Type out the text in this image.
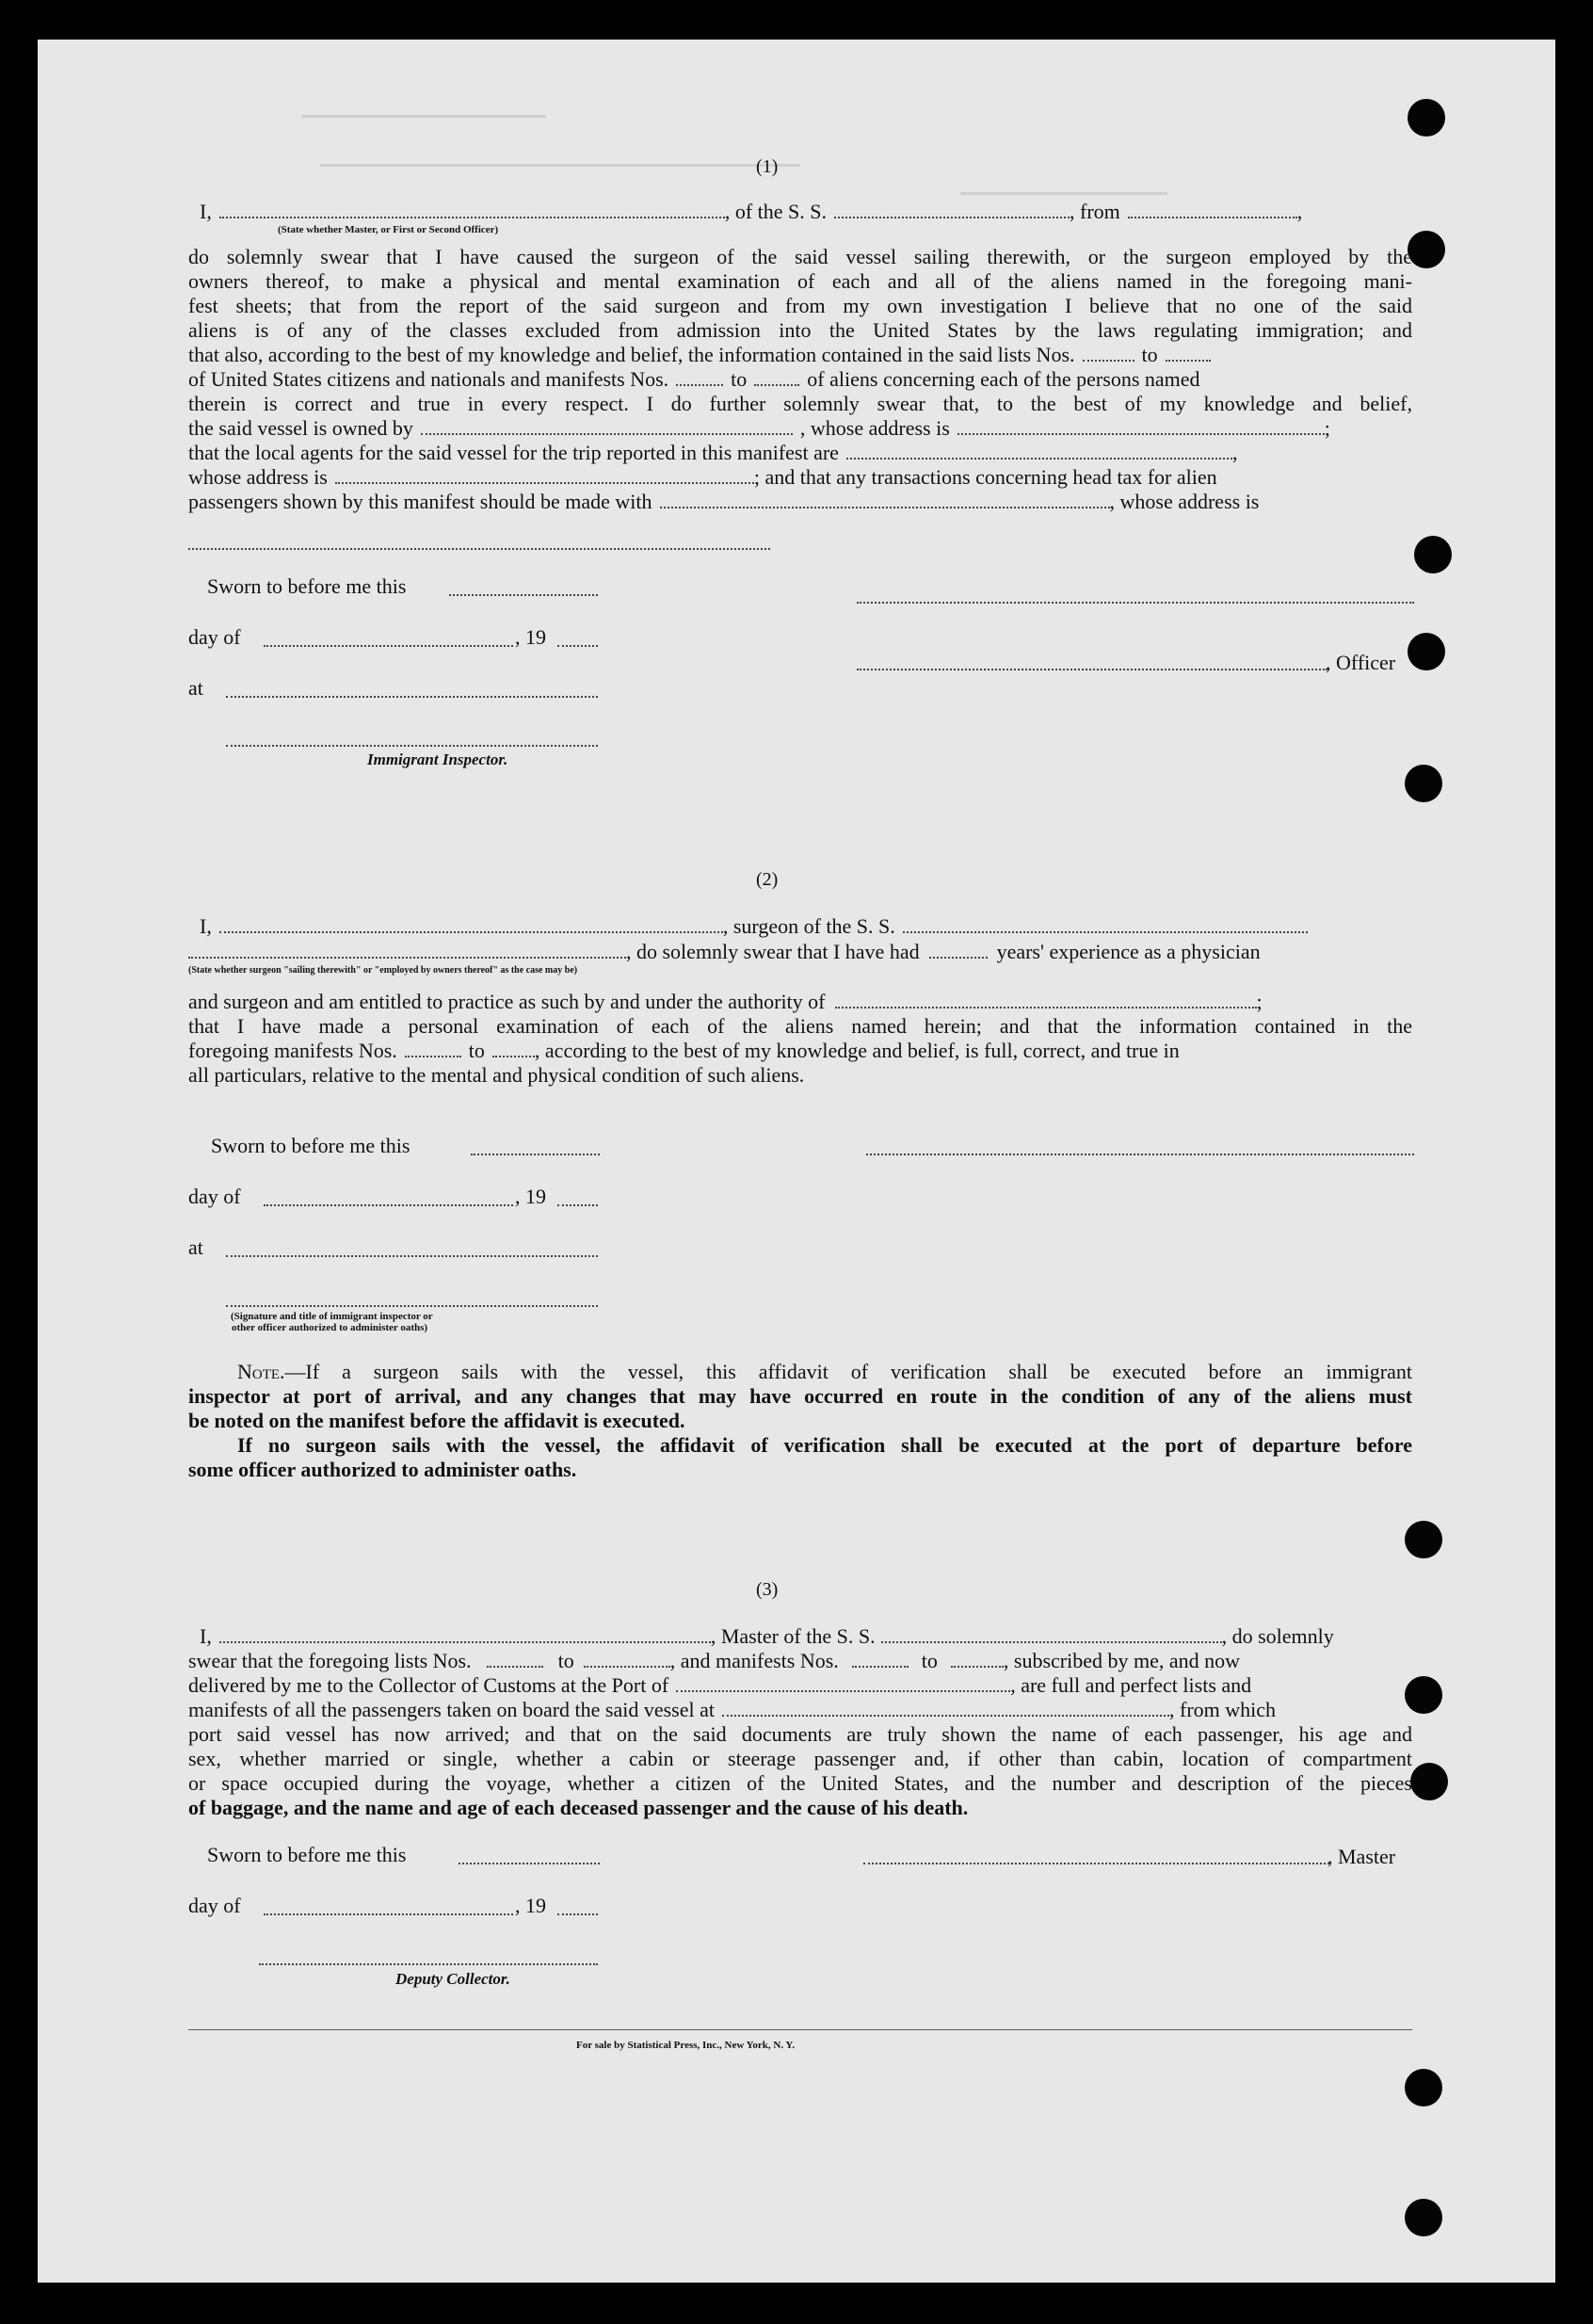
(1)
I,	, of the S. S.	, from	,
(State whether Master, or First or Second Officer)
do solemnly swear that I have caused the surgeon of the said vessel sailing therewith, or the surgeon employed by the
owners thereof, to make a physical and mental examination of each and all of the aliens named in the foregoing mani-
fest sheets; that from the report of the said surgeon and from my own investigation I believe that no one of the said
aliens is of any of the classes excluded from admission into the United States by the laws regulating immigration; and
that also, according to the best of my knowledge and belief, the information contained in the said lists Nos.	to
of United States citizens and nationals and manifests Nos.	to	of aliens concerning each of the persons named
therein is correct and true in every respect. I do further solemnly swear that, to the best of my knowledge and belief,
the said vessel is owned by	, whose address is	;
that the local agents for the said vessel for the trip reported in this manifest are	,
whose address is	; and that any transactions concerning head tax for alien
passengers shown by this manifest should be made with	, whose address is
Sworn to before me this
day of	, 19
, Officer
at
Immigrant Inspector.
(2)
I,	, surgeon of the S. S.
, do solemnly swear that I have had	years' experience as a physician
(State whether surgeon "sailing therewith" or "employed by owners thereof" as the case may be)
and surgeon and am entitled to practice as such by and under the authority of	;
that I have made a personal examination of each of the aliens named herein; and that the information contained in the
foregoing manifests Nos.	to , according to the best of my knowledge and belief, is full, correct, and true in
all particulars, relative to the mental and physical condition of such aliens.
Sworn to before me this
day of	, 19
at
(Signature and title of immigrant inspector or
other officer authorized to administer oaths)
Note.—If a surgeon sails with the vessel, this affidavit of verification shall be executed before an immigrant
inspector at port of arrival, and any changes that may have occurred en route in the condition of any of the aliens must
be noted on the manifest before the affidavit is executed.
If no surgeon sails with the vessel, the affidavit of verification shall be executed at the port of departure before
some officer authorized to administer oaths.
(3)
I,	, Master of the S. S.	, do solemnly
swear that the foregoing lists Nos.	to	, and manifests Nos.	to	, subscribed by me, and now
delivered by me to the Collector of Customs at the Port of	, are full and perfect lists and
manifests of all the passengers taken on board the said vessel at	, from which
port said vessel has now arrived; and that on the said documents are truly shown the name of each passenger, his age and
sex, whether married or single, whether a cabin or steerage passenger and, if other than cabin, location of compartment
or space occupied during the voyage, whether a citizen of the United States, and the number and description of the pieces
of baggage, and the name and age of each deceased passenger and the cause of his death.
Sworn to before me this	, Master
day of	, 19
Deputy Collector.
For sale by Statistical Press, Inc., New York, N. Y.
